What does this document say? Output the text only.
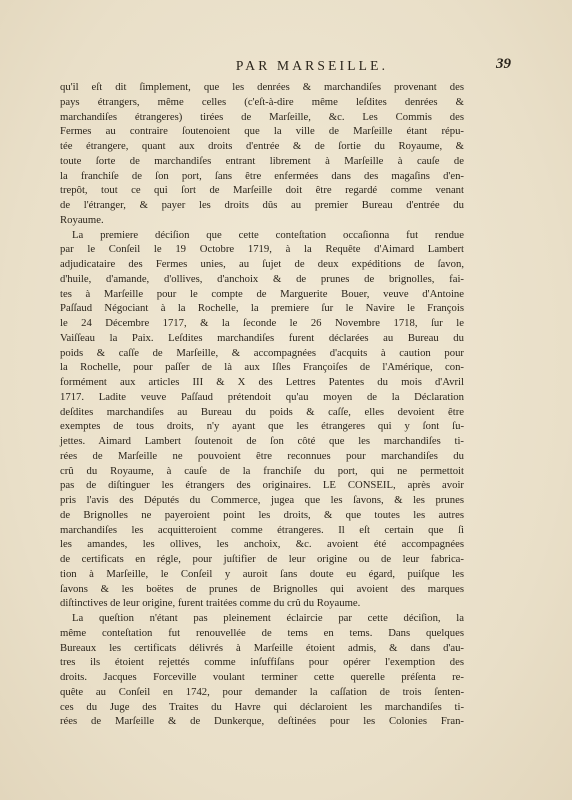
PAR MARSEILLE.	39
qu'il eſt dit ſimplement, que les denrées & marchandiſes provenant des
pays étrangers, même celles (c'eſt-à-dire même leſdites denrées &
marchandiſes étrangeres) tirées de Marſeille, &c. Les Commis des
Fermes au contraire ſoutenoient que la ville de Marſeille étant répu-
tée étrangere, quant aux droits d'entrée & de ſortie du Royaume, &
toute ſorte de marchandiſes entrant librement à Marſeille à cauſe de
la franchiſe de ſon port, ſans être enfermées dans des magaſins d'en-
trepôt, tout ce qui ſort de Marſeille doit être regardé comme venant
de l'étranger, & payer les droits dûs au premier Bureau d'entrée du
Royaume.
La premiere déciſion que cette conteſtation occaſionna fut rendue
par le Conſeil le 19 Octobre 1719, à la Requête d'Aimard Lambert
adjudicataire des Fermes unies, au ſujet de deux expéditions de ſavon,
d'huile, d'amande, d'ollives, d'anchoix & de prunes de brignolles, fai-
tes à Marſeille pour le compte de Marguerite Bouer, veuve d'Antoine
Paſſaud Négociant à la Rochelle, la premiere ſur le Navire le François
le 24 Décembre 1717, & la ſeconde le 26 Novembre 1718, ſur le
Vaiſſeau la Paix. Leſdites marchandiſes furent déclarées au Bureau du
poids & caſſe de Marſeille, & accompagnées d'acquits à caution pour
la Rochelle, pour paſſer de là aux Iſles Françoiſes de l'Amérique, con-
formément aux articles III & X des Lettres Patentes du mois d'Avril
1717. Ladite veuve Paſſaud prétendoit qu'au moyen de la Déclaration
deſdites marchandiſes au Bureau du poids & caſſe, elles devoient être
exemptes de tous droits, n'y ayant que les étrangeres qui y ſont ſu-
jettes. Aimard Lambert ſoutenoit de ſon côté que les marchandiſes ti-
rées de Marſeille ne pouvoient être reconnues pour marchandiſes du
crû du Royaume, à cauſe de la franchiſe du port, qui ne permettoit
pas de diſtinguer les étrangers des originaires. LE CONSEIL, après avoir
pris l'avis des Députés du Commerce, jugea que les ſavons, & les prunes
de Brignolles ne payeroient point les droits, & que toutes les autres
marchandiſes les acquitteroient comme étrangeres. Il eſt certain que ſi
les amandes, les ollives, les anchoix, &c. avoient été accompagnées
de certificats en régle, pour juſtifier de leur origine ou de leur fabrica-
tion à Marſeille, le Conſeil y auroit ſans doute eu égard, puiſque les
ſavons & les boëtes de prunes de Brignolles qui avoient des marques
diſtinctives de leur origine, furent traitées comme du crû du Royaume.
La queſtion n'étant pas pleinement éclaircie par cette déciſion, la
même conteſtation fut renouvellée de tems en tems. Dans quelques
Bureaux les certificats délivrés à Marſeille étoient admis, & dans d'au-
tres ils étoient rejettés comme inſuffiſans pour opérer l'exemption des
droits. Jacques Forceville voulant terminer cette querelle préſenta re-
quête au Conſeil en 1742, pour demander la caſſation de trois ſenten-
ces du Juge des Traites du Havre qui déclaroient les marchandiſes ti-
rées de Marſeille & de Dunkerque, deſtinées pour les Colonies Fran-
